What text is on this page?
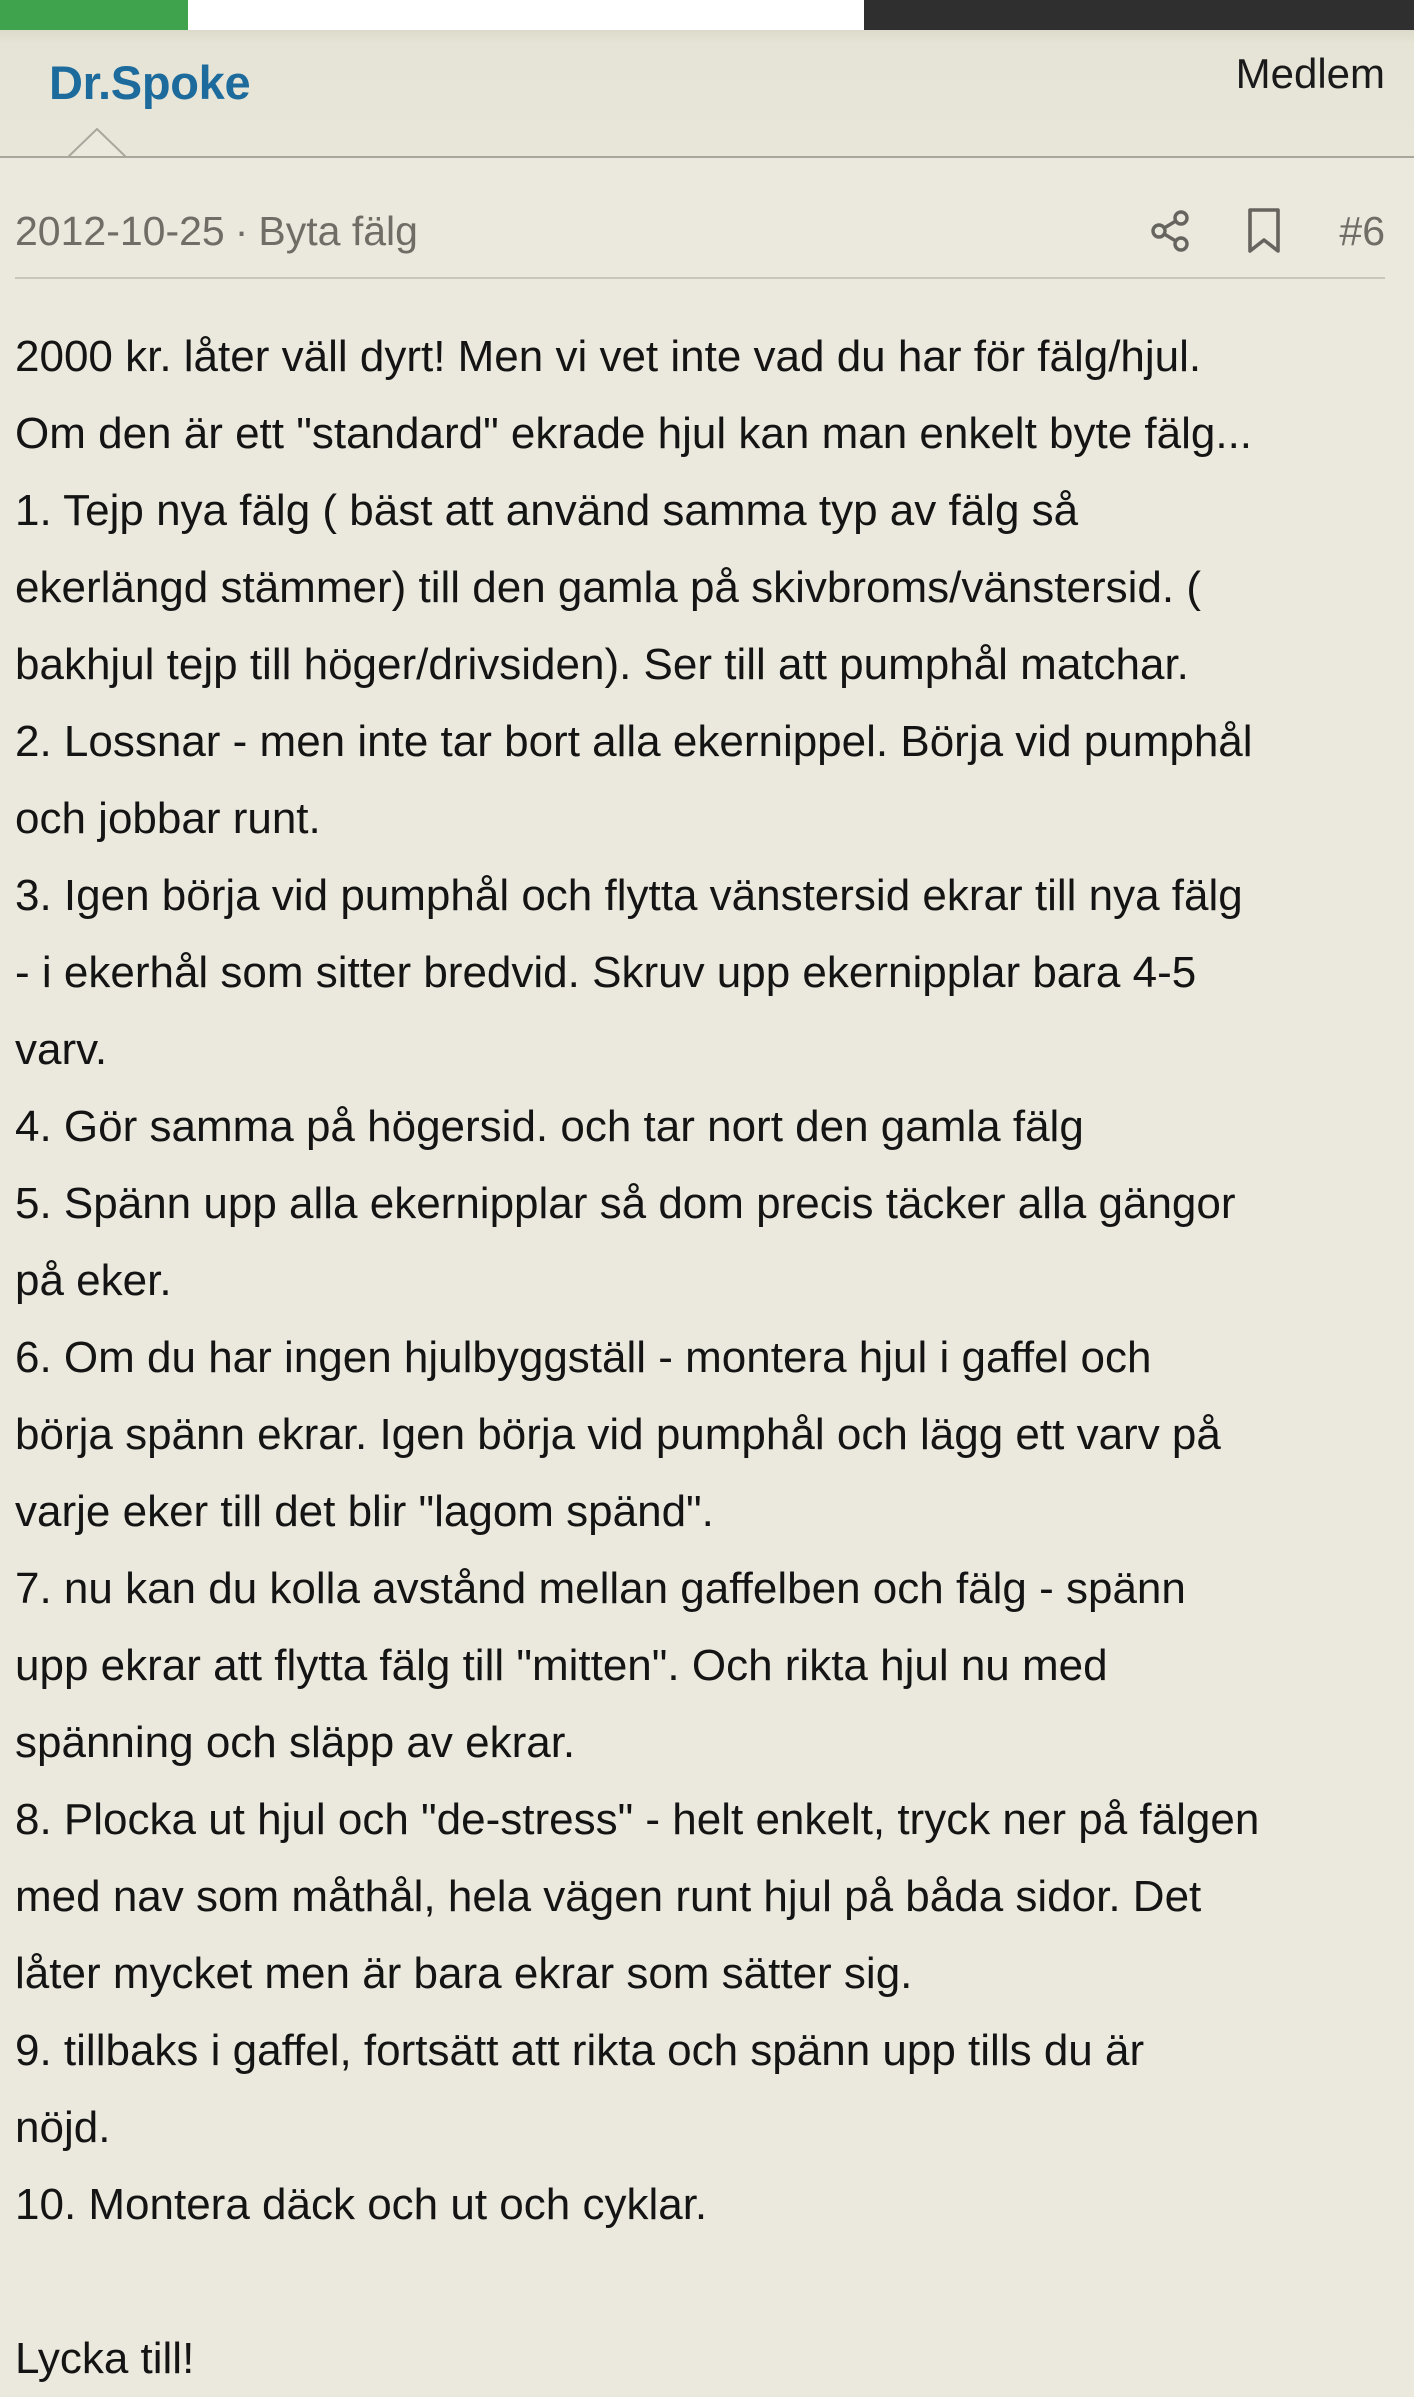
Dr.Spoke	Medlem
2012-10-25 · Byta fälg	#6
2000 kr. låter väll dyrt! Men vi vet inte vad du har för fälg/hjul.
Om den är ett "standard" ekrade hjul kan man enkelt byte fälg...
1. Tejp nya fälg ( bäst att använd samma typ av fälg så
ekerlängd stämmer) till den gamla på skivbroms/vänstersid. (
bakhjul tejp till höger/drivsiden). Ser till att pumphål matchar.
2. Lossnar - men inte tar bort alla ekernippel. Börja vid pumphål
och jobbar runt.
3. Igen börja vid pumphål och flytta vänstersid ekrar till nya fälg
- i ekerhål som sitter bredvid. Skruv upp ekernipplar bara 4-5
varv.
4. Gör samma på högersid. och tar nort den gamla fälg
5. Spänn upp alla ekernipplar så dom precis täcker alla gängor
på eker.
6. Om du har ingen hjulbyggställ - montera hjul i gaffel och
börja spänn ekrar. Igen börja vid pumphål och lägg ett varv på
varje eker till det blir "lagom spänd".
7. nu kan du kolla avstånd mellan gaffelben och fälg - spänn
upp ekrar att flytta fälg till "mitten". Och rikta hjul nu med
spänning och släpp av ekrar.
8. Plocka ut hjul och "de-stress" - helt enkelt, tryck ner på fälgen
med nav som måthål, hela vägen runt hjul på båda sidor. Det
låter mycket men är bara ekrar som sätter sig.
9. tillbaks i gaffel, fortsätt att rikta och spänn upp tills du är
nöjd.
10. Montera däck och ut och cyklar.
Lycka till!
